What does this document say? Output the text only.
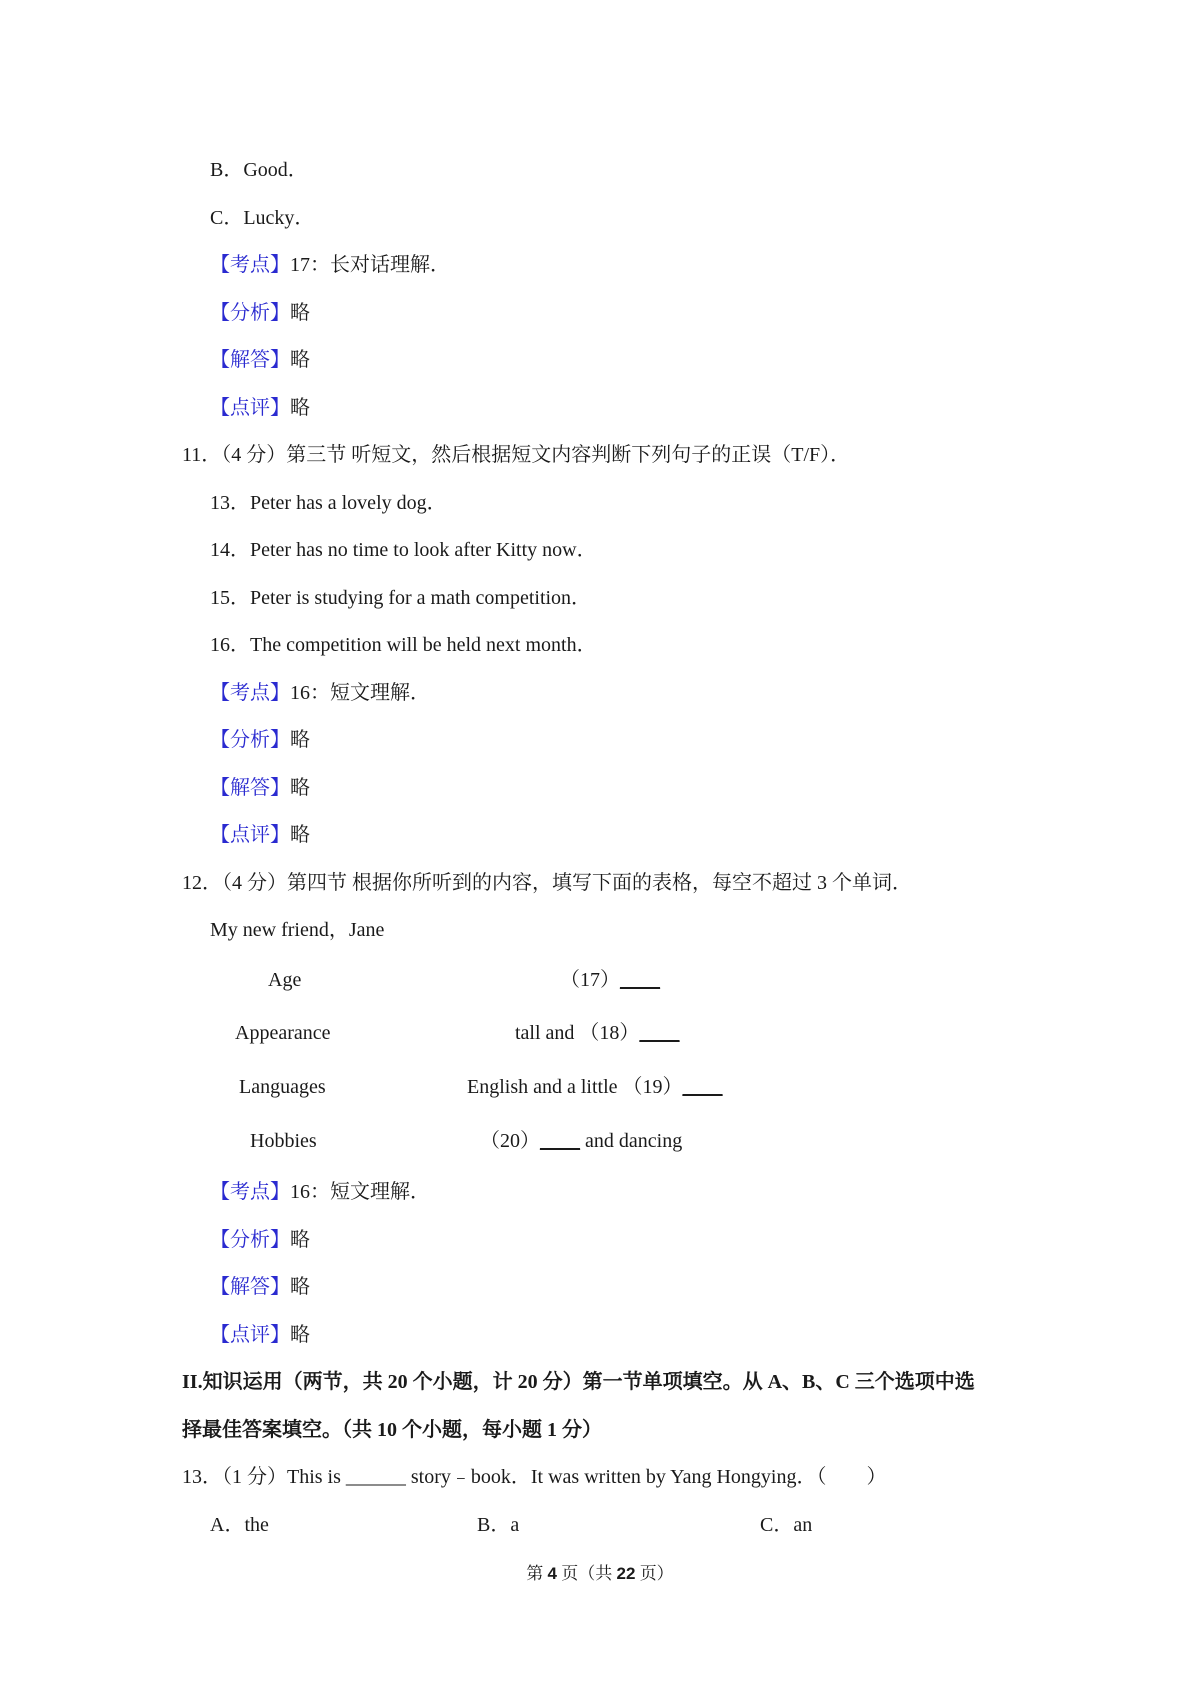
B．Good．
C．Lucky．
【考点】17：长对话理解．
【分析】略
【解答】略
【点评】略
11．（4 分）第三节 听短文，然后根据短文内容判断下列句子的正误（T/F）．
13．Peter has a lovely dog．
14．Peter has no time to look after Kitty now．
15．Peter is studying for a math competition．
16．The competition will be held next month．
【考点】16：短文理解．
【分析】略
【解答】略
【点评】略
12．（4 分）第四节 根据你所听到的内容，填写下面的表格，每空不超过 3 个单词．
My new friend，Jane
Age	（17）____
Appearance	tall and （18）____
Languages	English and a little （19）____
Hobbies	（20）____ and dancing
【考点】16：短文理解．
【分析】略
【解答】略
【点评】略
II.知识运用（两节，共 20 个小题，计 20 分）第一节单项填空。从 A、B、C 三个选项中选
择最佳答案填空。（共 10 个小题，每小题 1 分）
13．（1 分）This is ______ story﹣book．It was written by Yang Hongying．（　　）
A．the	B．a	C．an
第 4 页（共 22 页）
